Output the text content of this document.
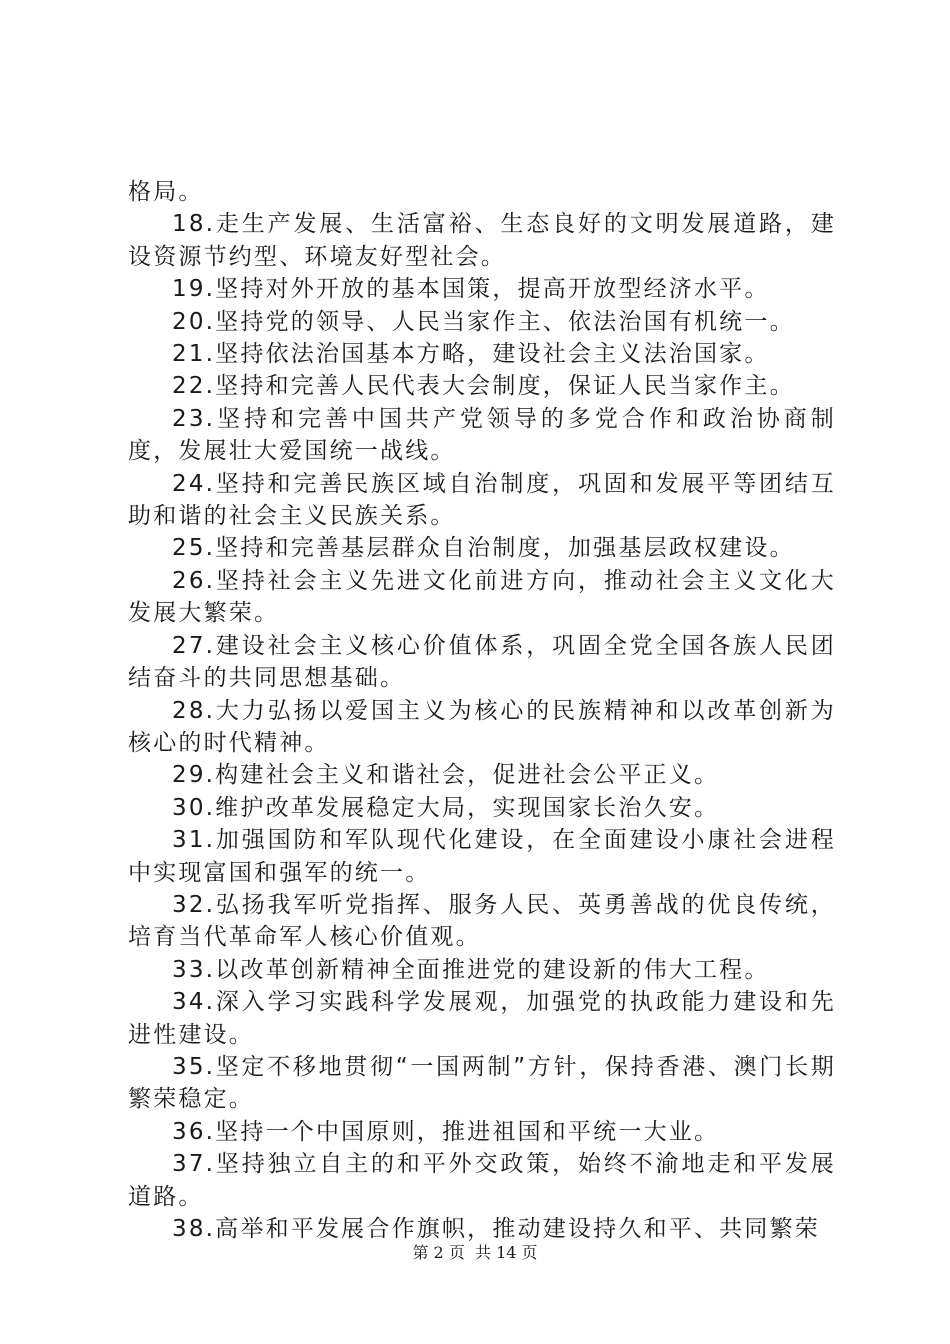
格局。

18.走生产发展、生活富裕、生态良好的文明发展道路，建设资源节约型、环境友好型社会。

19.坚持对外开放的基本国策，提高开放型经济水平。

20.坚持党的领导、人民当家作主、依法治国有机统一。

21.坚持依法治国基本方略，建设社会主义法治国家。

22.坚持和完善人民代表大会制度，保证人民当家作主。

23.坚持和完善中国共产党领导的多党合作和政治协商制度，发展壮大爱国统一战线。

24.坚持和完善民族区域自治制度，巩固和发展平等团结互助和谐的社会主义民族关系。

25.坚持和完善基层群众自治制度，加强基层政权建设。

26.坚持社会主义先进文化前进方向，推动社会主义文化大发展大繁荣。

27.建设社会主义核心价值体系，巩固全党全国各族人民团结奋斗的共同思想基础。

28.大力弘扬以爱国主义为核心的民族精神和以改革创新为核心的时代精神。

29.构建社会主义和谐社会，促进社会公平正义。

30.维护改革发展稳定大局，实现国家长治久安。

31.加强国防和军队现代化建设，在全面建设小康社会进程中实现富国和强军的统一。

32.弘扬我军听党指挥、服务人民、英勇善战的优良传统，培育当代革命军人核心价值观。

33.以改革创新精神全面推进党的建设新的伟大工程。

34.深入学习实践科学发展观，加强党的执政能力建设和先进性建设。

35.坚定不移地贯彻“一国两制”方针，保持香港、澳门长期繁荣稳定。

36.坚持一个中国原则，推进祖国和平统一大业。

37.坚持独立自主的和平外交政策，始终不渝地走和平发展道路。

38.高举和平发展合作旗帜，推动建设持久和平、共同繁荣

第 2 页  共 14 页
